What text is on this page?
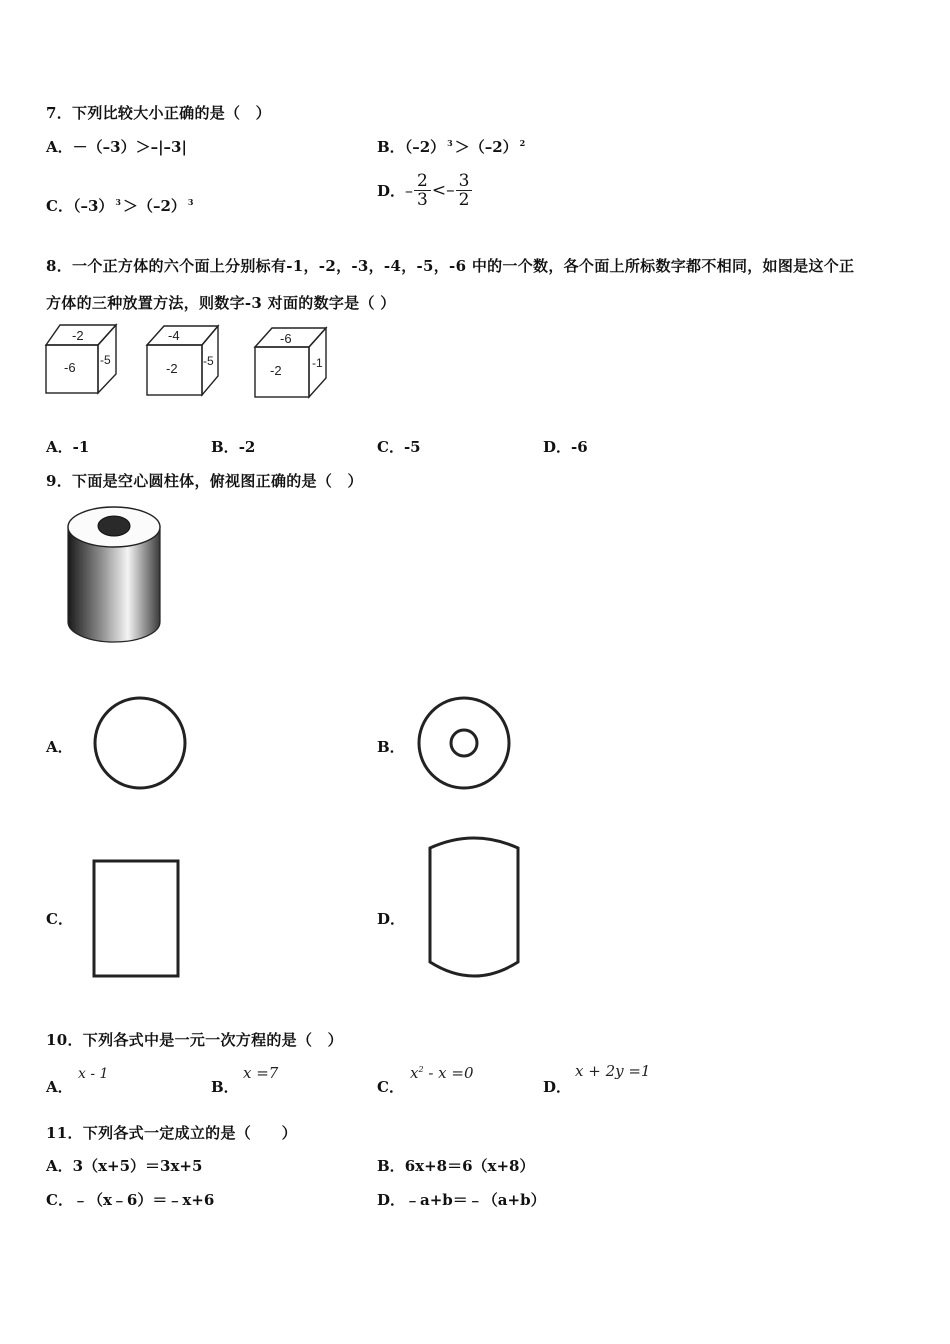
7．下列比较大小正确的是（　）
A．－（–3）＞–|–3|	B．（–2） $^3$ ＞（–2） $^2$
C．（–3） $^3$ ＞（–2） $^3$
D．– $\frac{2}{3} <- \frac{3}{2}$
8．一个正方体的六个面上分别标有-1，-2，-3，-4，-5，-6 中的一个数，各个面上所标数字都不相同，如图是这个正
方体的三种放置方法，则数字-3 对面的数字是（ ）
-2
-6 -5
-4
-2 -5
-6
-2	-1
A．-1	B．-2	C．-5	D．-6
9．下面是空心圆柱体，俯视图正确的是（　）
A．	B．
C．	D．
10．下列各式中是一元一次方程的是（　）
A．
x - 1
B．
x =7
C．
$x^2 - x =0$
D．
x + 2y =1
11．下列各式一定成立的是（　　）
A．3（x+5）＝3x+5	B．6x+8＝6（x+8）
C．﹣（x﹣6）＝﹣x+6	D．﹣a+b＝﹣（a+b）
